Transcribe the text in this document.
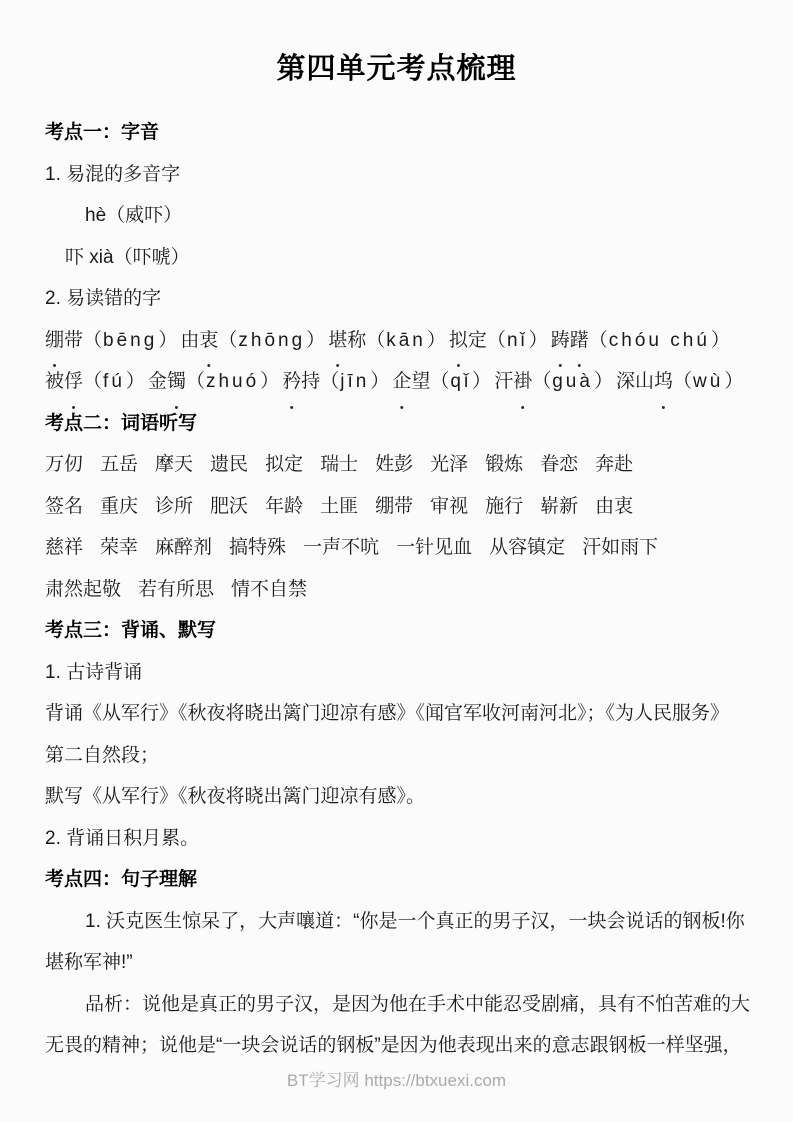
第四单元考点梳理
考点一：字音
1. 易混的多音字
hè（威吓）
吓 xià（吓唬）
2. 易读错的字
绷带（bēng） 由衷（zhōng） 堪称（kān） 拟定（nǐ） 踌躇（chóu chú）
被俘（fú） 金镯（zhuó） 矜持（jīn） 企望（qǐ） 汗褂（guà） 深山坞（wù）
考点二：词语听写
万仞 五岳 摩天 遗民 拟定 瑞士 姓彭 光泽 锻炼 眷恋 奔赴
签名 重庆 诊所 肥沃 年龄 土匪 绷带 审视 施行 崭新 由衷
慈祥 荣幸 麻醉剂 搞特殊 一声不吭 一针见血 从容镇定 汗如雨下
肃然起敬 若有所思 情不自禁
考点三：背诵、默写
1. 古诗背诵
背诵《从军行》《秋夜将晓出篱门迎凉有感》《闻官军收河南河北》；《为人民服务》
第二自然段；
默写《从军行》《秋夜将晓出篱门迎凉有感》。
2. 背诵日积月累。
考点四：句子理解
1. 沃克医生惊呆了，大声嚷道：“你是一个真正的男子汉，一块会说话的钢板!你
堪称军神!”
品析：说他是真正的男子汉，是因为他在手术中能忍受剧痛，具有不怕苦难的大
无畏的精神；说他是“一块会说话的钢板”是因为他表现出来的意志跟钢板一样坚强，
BT学习网 https://btxuexi.com
